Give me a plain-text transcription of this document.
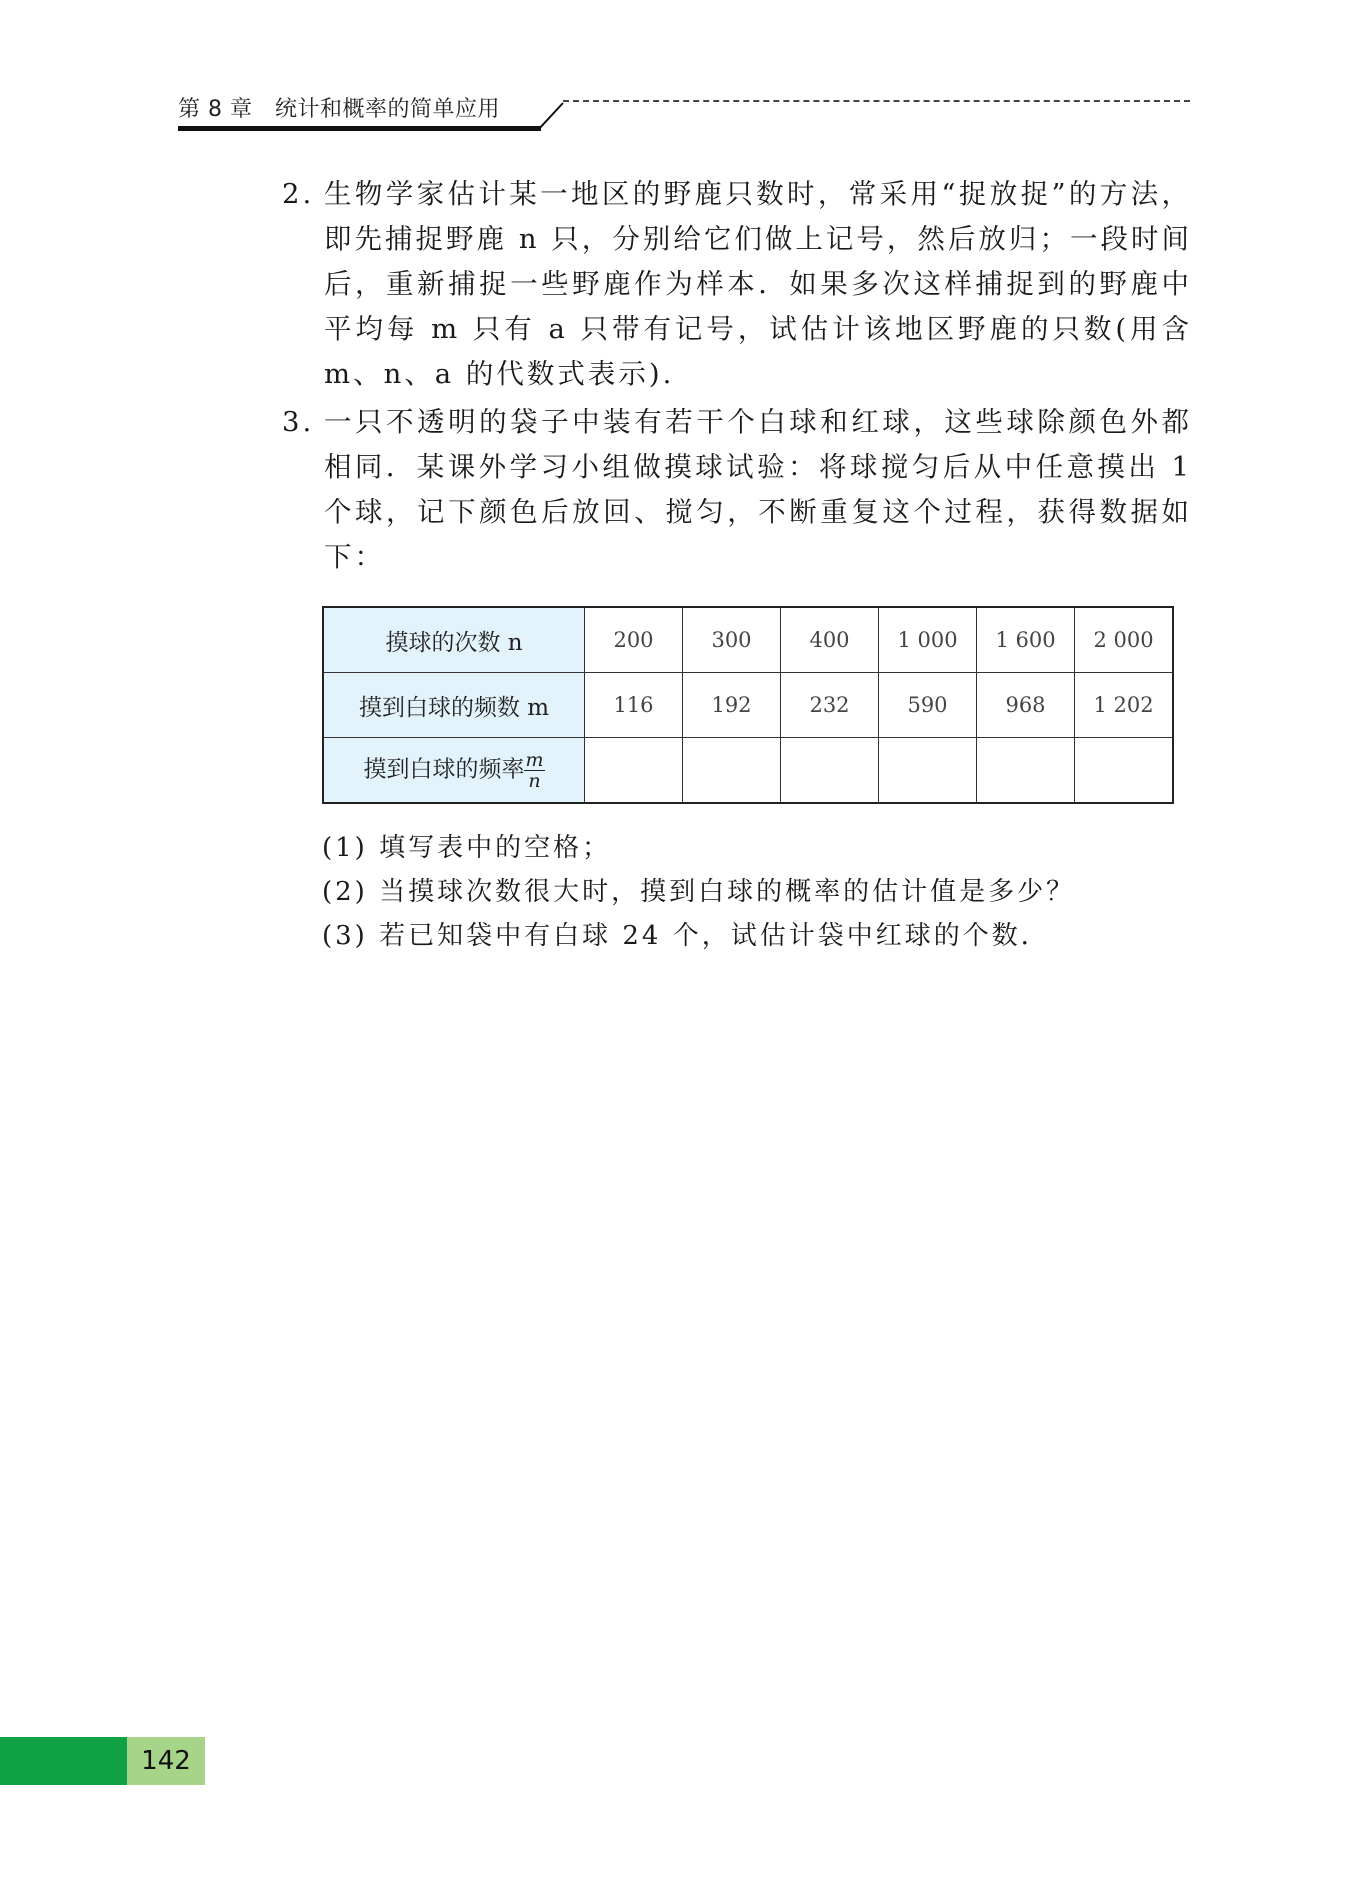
第 8 章   统计和概率的简单应用
2. 生物学家估计某一地区的野鹿只数时，常采用“捉放捉”的方法，即先捕捉野鹿 n 只，分别给它们做上记号，然后放归；一段时间后，重新捕捉一些野鹿作为样本．如果多次这样捕捉到的野鹿中平均每 m 只有 a 只带有记号，试估计该地区野鹿的只数(用含 m、n、a 的代数式表示).
3. 一只不透明的袋子中装有若干个白球和红球，这些球除颜色外都相同．某课外学习小组做摸球试验：将球搅匀后从中任意摸出 1 个球，记下颜色后放回、搅匀，不断重复这个过程，获得数据如下：
摸球的次数 n	200	300	400	1 000	1 600	2 000
摸到白球的频数 m	116	192	232	590	968	1 202
摸到白球的频率 $\frac{m}{n}$

(1) 填写表中的空格；
(2) 当摸球次数很大时，摸到白球的概率的估计值是多少？
(3) 若已知袋中有白球 24 个，试估计袋中红球的个数．
142
